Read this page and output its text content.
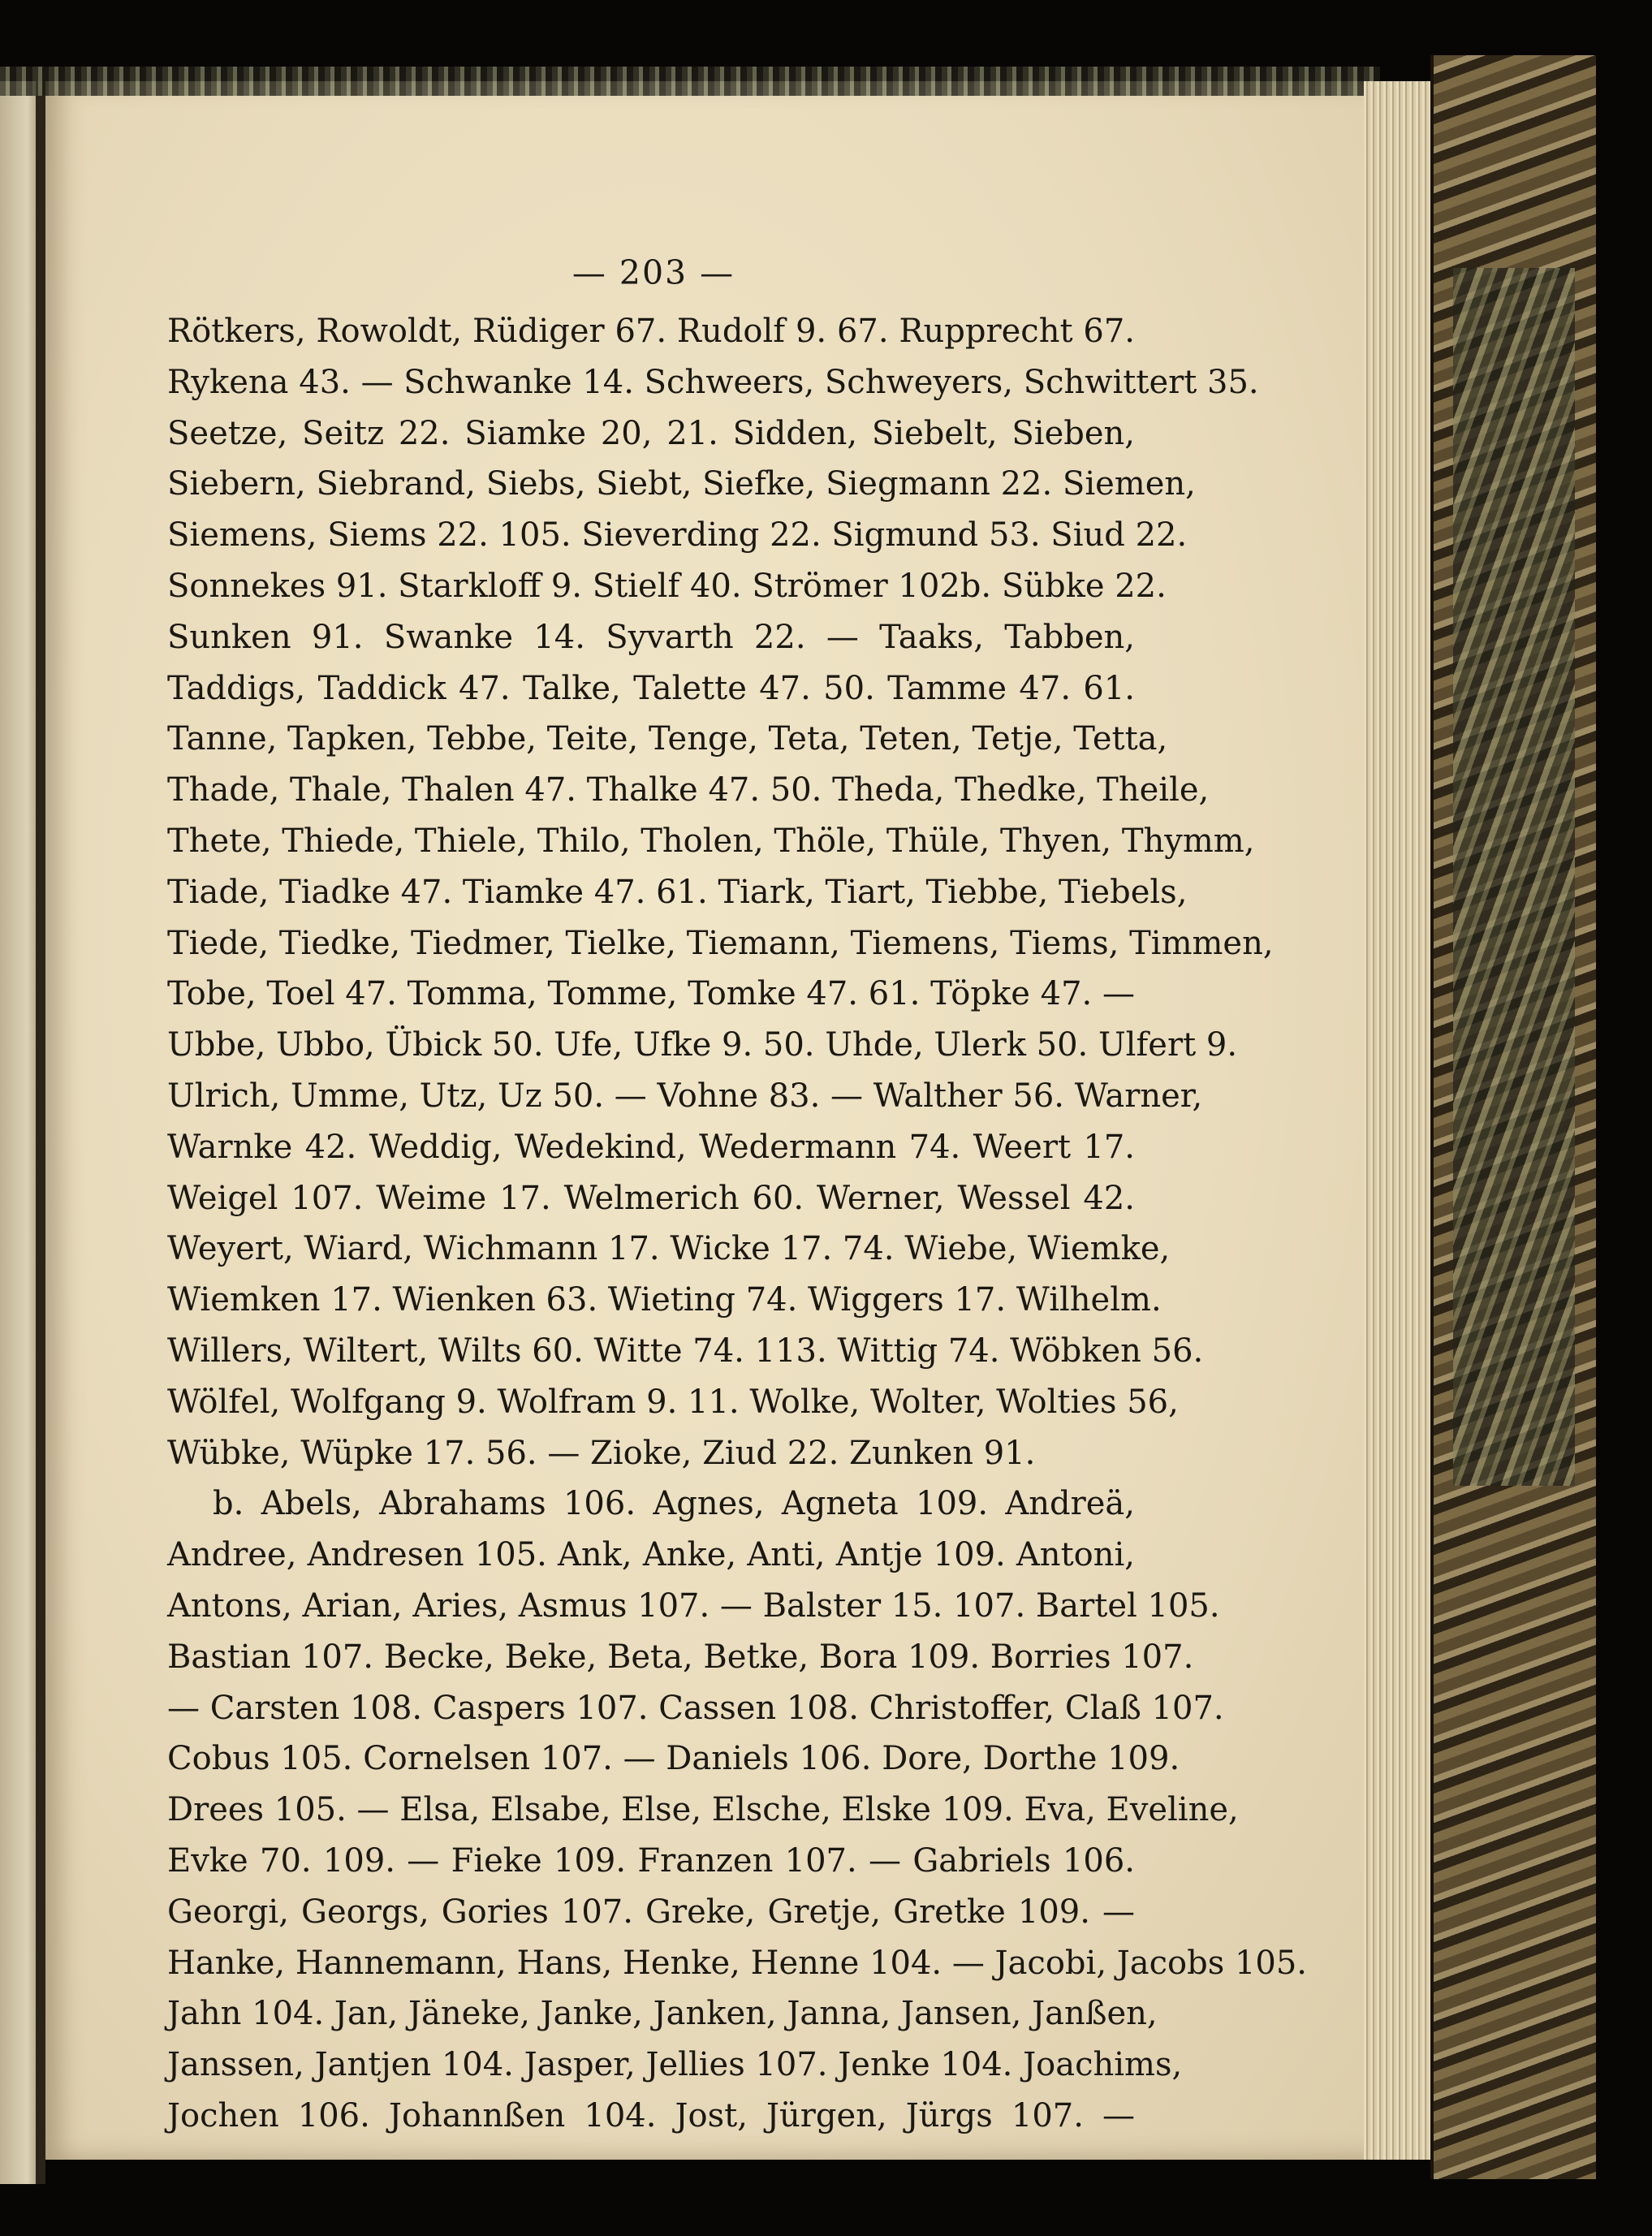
— 203 —
Rötkers, Rowoldt, Rüdiger 67. Rudolf 9. 67. Rupprecht 67.
Rykena 43. — Schwanke 14. Schweers, Schweyers, Schwittert 35.
Seetze, Seitz 22. Siamke 20, 21. Sidden, Siebelt, Sieben,
Siebern, Siebrand, Siebs, Siebt, Siefke, Siegmann 22. Siemen,
Siemens, Siems 22. 105. Sieverding 22. Sigmund 53. Siud 22.
Sonnekes 91. Starkloff 9. Stielf 40. Strömer 102b. Sübke 22.
Sunken 91. Swanke 14. Syvarth 22. — Taaks, Tabben,
Taddigs, Taddick 47. Talke, Talette 47. 50. Tamme 47. 61.
Tanne, Tapken, Tebbe, Teite, Tenge, Teta, Teten, Tetje, Tetta,
Thade, Thale, Thalen 47. Thalke 47. 50. Theda, Thedke, Theile,
Thete, Thiede, Thiele, Thilo, Tholen, Thöle, Thüle, Thyen, Thymm,
Tiade, Tiadke 47. Tiamke 47. 61. Tiark, Tiart, Tiebbe, Tiebels,
Tiede, Tiedke, Tiedmer, Tielke, Tiemann, Tiemens, Tiems, Timmen,
Tobe, Toel 47. Tomma, Tomme, Tomke 47. 61. Töpke 47. —
Ubbe, Ubbo, Übick 50. Ufe, Ufke 9. 50. Uhde, Ulerk 50. Ulfert 9.
Ulrich, Umme, Utz, Uz 50. — Vohne 83. — Walther 56. Warner,
Warnke 42. Weddig, Wedekind, Wedermann 74. Weert 17.
Weigel 107. Weime 17. Welmerich 60. Werner, Wessel 42.
Weyert, Wiard, Wichmann 17. Wicke 17. 74. Wiebe, Wiemke,
Wiemken 17. Wienken 63. Wieting 74. Wiggers 17. Wilhelm.
Willers, Wiltert, Wilts 60. Witte 74. 113. Wittig 74. Wöbken 56.
Wölfel, Wolfgang 9. Wolfram 9. 11. Wolke, Wolter, Wolties 56,
Wübke, Wüpke 17. 56. — Zioke, Ziud 22. Zunken 91.
b. Abels, Abrahams 106. Agnes, Agneta 109. Andreä,
Andree, Andresen 105. Ank, Anke, Anti, Antje 109. Antoni,
Antons, Arian, Aries, Asmus 107. — Balster 15. 107. Bartel 105.
Bastian 107. Becke, Beke, Beta, Betke, Bora 109. Borries 107.
— Carsten 108. Caspers 107. Cassen 108. Christoffer, Claß 107.
Cobus 105. Cornelsen 107. — Daniels 106. Dore, Dorthe 109.
Drees 105. — Elsa, Elsabe, Else, Elsche, Elske 109. Eva, Eveline,
Evke 70. 109. — Fieke 109. Franzen 107. — Gabriels 106.
Georgi, Georgs, Gories 107. Greke, Gretje, Gretke 109. —
Hanke, Hannemann, Hans, Henke, Henne 104. — Jacobi, Jacobs 105.
Jahn 104. Jan, Jäneke, Janke, Janken, Janna, Jansen, Janßen,
Janssen, Jantjen 104. Jasper, Jellies 107. Jenke 104. Joachims,
Jochen 106. Johannßen 104. Jost, Jürgen, Jürgs 107. —
